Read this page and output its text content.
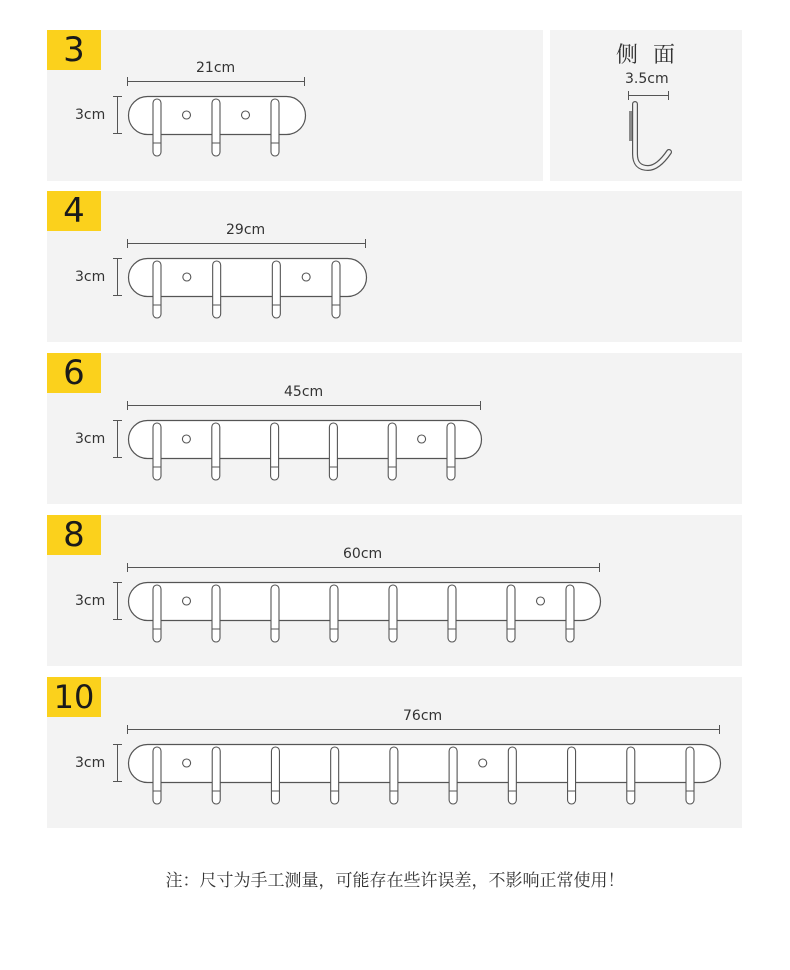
3
4
6
8
10
21cm
29cm
45cm
60cm
76cm
3cm
3cm
3cm
3cm
3cm
侧 面
3.5cm
注：尺寸为手工测量，可能存在些许误差，不影响正常使用！
